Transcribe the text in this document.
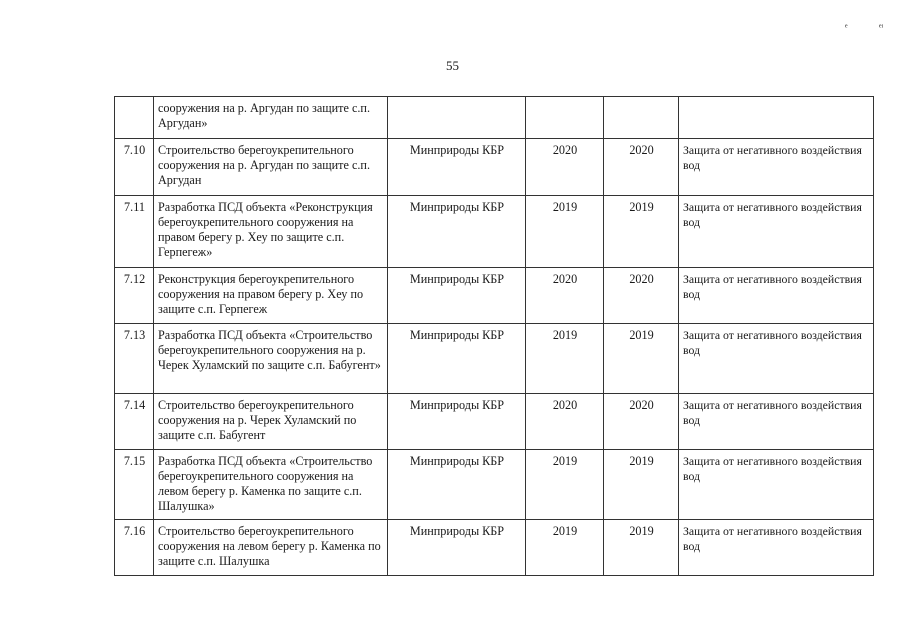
ᵉ	ᵉᶦ
55
	сооружения на р. Аргудан по защите с.п. Аргудан»				
7.10	Строительство берегоукрепительного сооружения на р. Аргудан по защите с.п. Аргудан	Минприроды КБР	2020	2020	Защита от негативного воздействия вод
7.11	Разработка ПСД объекта «Реконструкция берегоукрепительного сооружения на правом берегу р. Хеу по защите с.п. Герпегеж»	Минприроды КБР	2019	2019	Защита от негативного воздействия вод
7.12	Реконструкция берегоукрепительного сооружения на правом берегу р. Хеу по защите с.п. Герпегеж	Минприроды КБР	2020	2020	Защита от негативного воздействия вод
7.13	Разработка ПСД объекта «Строительство берегоукрепительного сооружения на р. Черек Хуламский по защите с.п. Бабугент»	Минприроды КБР	2019	2019	Защита от негативного воздействия вод
7.14	Строительство берегоукрепительного сооружения на р. Черек Хуламский по защите с.п. Бабугент	Минприроды КБР	2020	2020	Защита от негативного воздействия вод
7.15	Разработка ПСД объекта «Строительство берегоукрепительного сооружения на левом берегу р. Каменка по защите с.п. Шалушка»	Минприроды КБР	2019	2019	Защита от негативного воздействия вод
7.16	Строительство берегоукрепительного сооружения на левом берегу р. Каменка по защите с.п. Шалушка	Минприроды КБР	2019	2019	Защита от негативного воздействия вод
